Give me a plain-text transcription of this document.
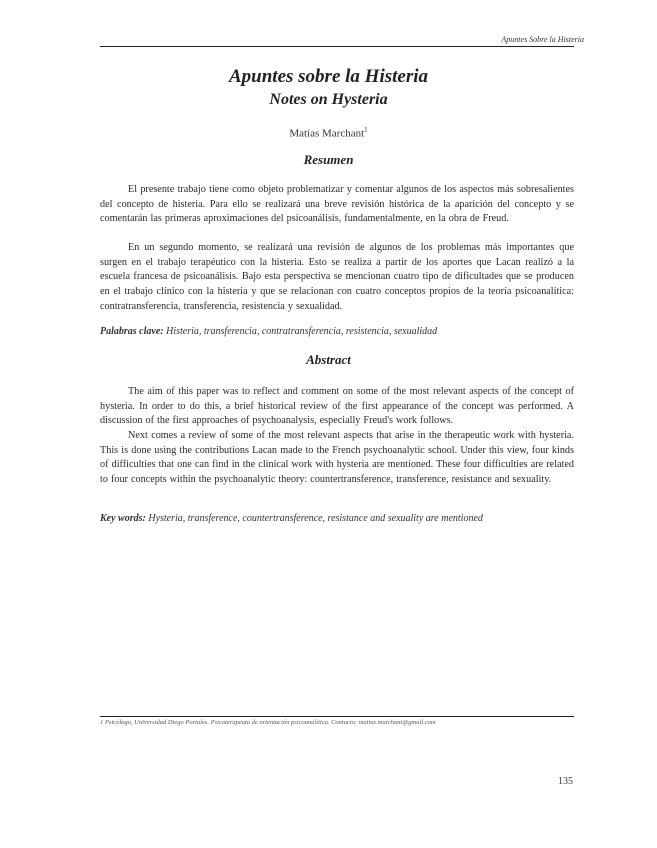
Apuntes Sobre la Histeria
Apuntes sobre la Histeria
Notes on Hysteria
Matías Marchant$^1$
Resumen

El presente trabajo tiene como objeto problematizar y comentar algunos de los aspectos más sobresalientes del concepto de histeria. Para ello se realizará una breve revisión histórica de la aparición del concepto y se comentarán las primeras aproximaciones del psicoanálisis, fundamentalmente, en la obra de Freud.

En un segundo momento, se realizará una revisión de algunos de los problemas más importantes que surgen en el trabajo terapéutico con la histeria. Esto se realiza a partir de los aportes que Lacan realizó a la escuela francesa de psicoanálisis. Bajo esta perspectiva se mencionan cuatro tipo de dificultades que se producen en el trabajo clínico con la histeria y que se relacionan con cuatro conceptos propios de la teoría psicoanalítica: contratransferencia, transferencia, resistencia y sexualidad.

Palabras clave: Histeria, transferencia, contratransferencia, resistencia, sexualidad

Abstract

The aim of this paper was to reflect and comment on some of the most relevant aspects of the concept of hysteria. In order to do this, a brief historical review of the first appearance of the concept was performed. A discussion of the first approaches of psychoanalysis, especially Freud's work follows.

Next comes a review of some of the most relevant aspects that arise in the therapeutic work with hysteria. This is done using the contributions Lacan made to the French psychoanalytic school. Under this view, four kinds of difficulties that one can find in the clinical work with hysteria are mentioned. These four difficulties are related to four concepts within the psychoanalytic theory: countertransference, transference, resistance and sexuality.

Key words: Hysteria, transference, countertransference, resistance and sexuality are mentioned

1 Psicólogo, Universidad Diego Portales. Psicoterapeuta de orientación psicoanalítica. Contacto: matias.marchant@gmail.com
135
